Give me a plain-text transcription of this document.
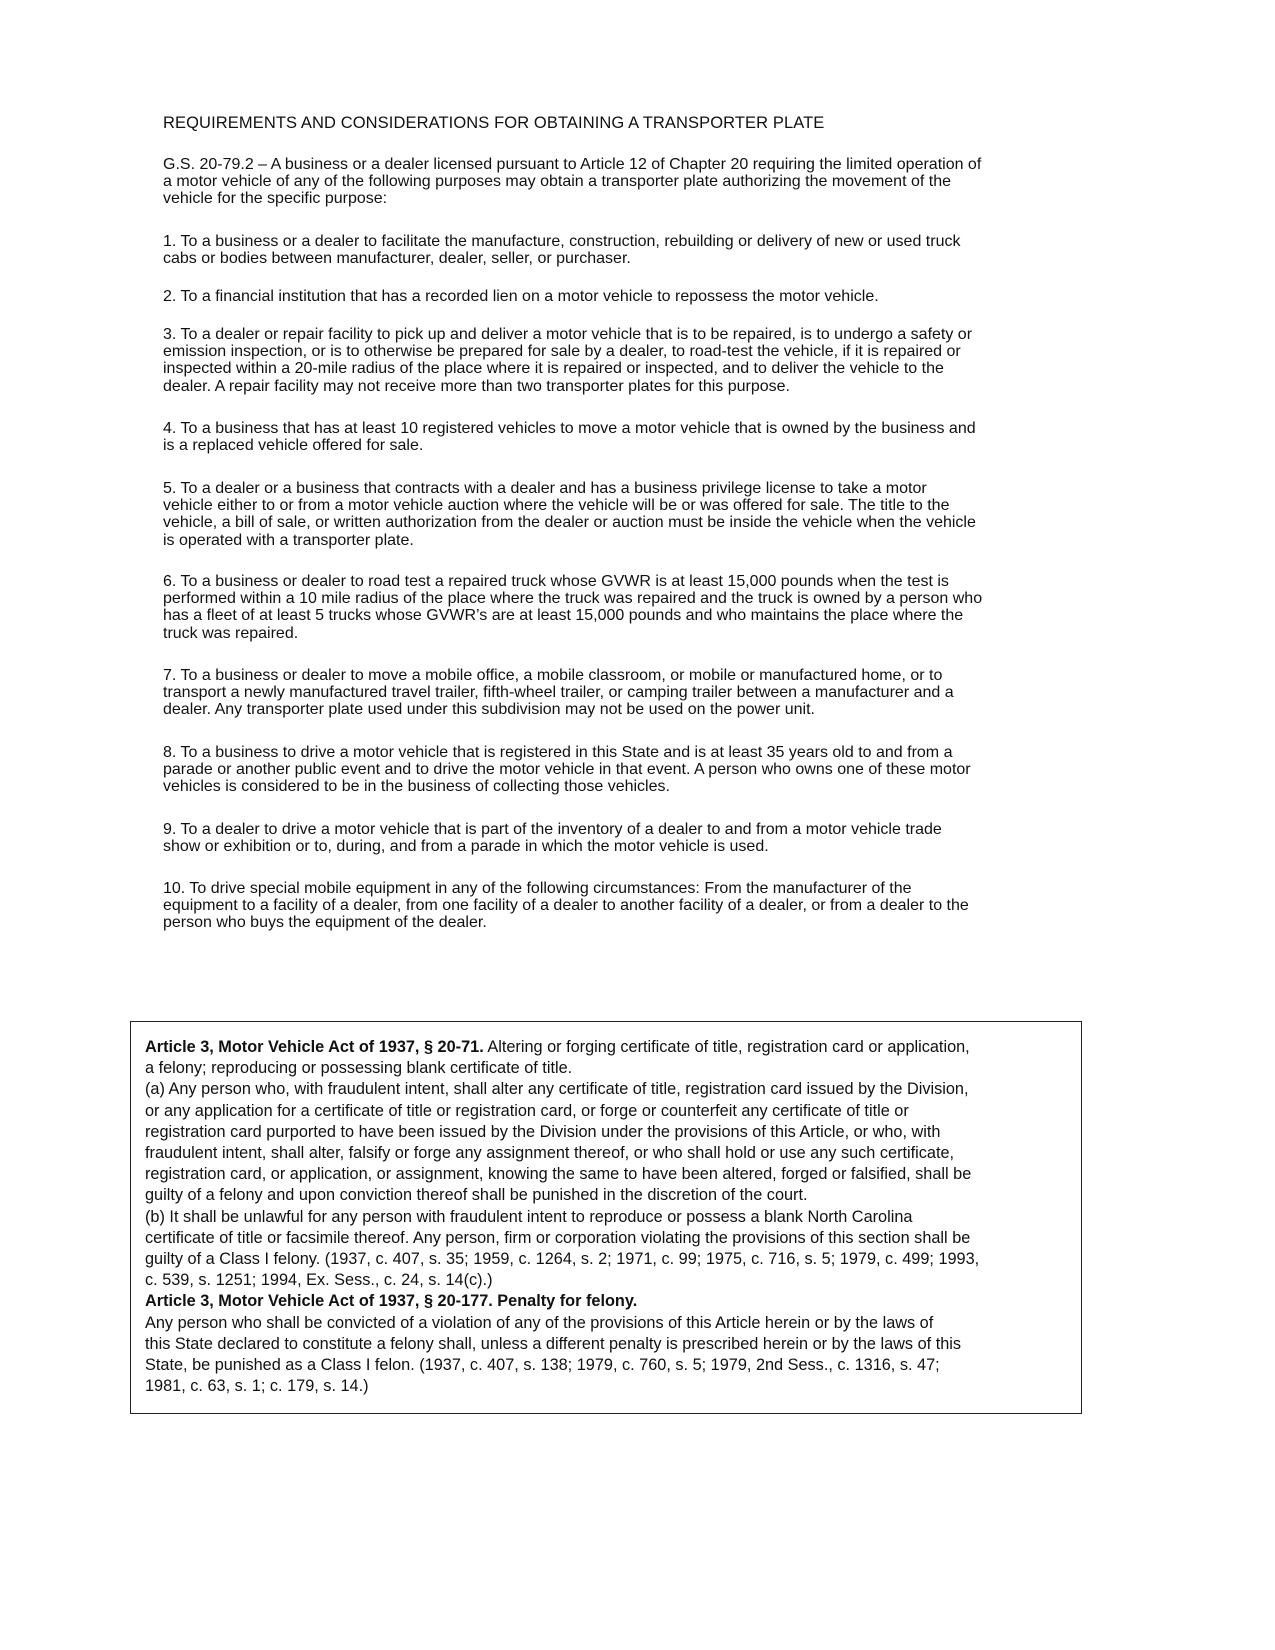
REQUIREMENTS AND CONSIDERATIONS FOR OBTAINING A TRANSPORTER PLATE
G.S. 20-79.2 – A business or a dealer licensed pursuant to Article 12 of Chapter 20 requiring the limited operation of
a motor vehicle of any of the following purposes may obtain a transporter plate authorizing the movement of the
vehicle for the specific purpose:
1. To a business or a dealer to facilitate the manufacture, construction, rebuilding or delivery of new or used truck
cabs or bodies between manufacturer, dealer, seller, or purchaser.
2. To a financial institution that has a recorded lien on a motor vehicle to repossess the motor vehicle.
3. To a dealer or repair facility to pick up and deliver a motor vehicle that is to be repaired, is to undergo a safety or
emission inspection, or is to otherwise be prepared for sale by a dealer, to road-test the vehicle, if it is repaired or
inspected within a 20-mile radius of the place where it is repaired or inspected, and to deliver the vehicle to the
dealer. A repair facility may not receive more than two transporter plates for this purpose.
4. To a business that has at least 10 registered vehicles to move a motor vehicle that is owned by the business and
is a replaced vehicle offered for sale.
5. To a dealer or a business that contracts with a dealer and has a business privilege license to take a motor
vehicle either to or from a motor vehicle auction where the vehicle will be or was offered for sale. The title to the
vehicle, a bill of sale, or written authorization from the dealer or auction must be inside the vehicle when the vehicle
is operated with a transporter plate.
6. To a business or dealer to road test a repaired truck whose GVWR is at least 15,000 pounds when the test is
performed within a 10 mile radius of the place where the truck was repaired and the truck is owned by a person who
has a fleet of at least 5 trucks whose GVWR’s are at least 15,000 pounds and who maintains the place where the
truck was repaired.
7. To a business or dealer to move a mobile office, a mobile classroom, or mobile or manufactured home, or to
transport a newly manufactured travel trailer, fifth-wheel trailer, or camping trailer between a manufacturer and a
dealer. Any transporter plate used under this subdivision may not be used on the power unit.
8. To a business to drive a motor vehicle that is registered in this State and is at least 35 years old to and from a
parade or another public event and to drive the motor vehicle in that event. A person who owns one of these motor
vehicles is considered to be in the business of collecting those vehicles.
9. To a dealer to drive a motor vehicle that is part of the inventory of a dealer to and from a motor vehicle trade
show or exhibition or to, during, and from a parade in which the motor vehicle is used.
10. To drive special mobile equipment in any of the following circumstances: From the manufacturer of the
equipment to a facility of a dealer, from one facility of a dealer to another facility of a dealer, or from a dealer to the
person who buys the equipment of the dealer.
Article 3, Motor Vehicle Act of 1937, § 20-71. Altering or forging certificate of title, registration card or application,
a felony; reproducing or possessing blank certificate of title.
(a) Any person who, with fraudulent intent, shall alter any certificate of title, registration card issued by the Division,
or any application for a certificate of title or registration card, or forge or counterfeit any certificate of title or
registration card purported to have been issued by the Division under the provisions of this Article, or who, with
fraudulent intent, shall alter, falsify or forge any assignment thereof, or who shall hold or use any such certificate,
registration card, or application, or assignment, knowing the same to have been altered, forged or falsified, shall be
guilty of a felony and upon conviction thereof shall be punished in the discretion of the court.
(b) It shall be unlawful for any person with fraudulent intent to reproduce or possess a blank North Carolina
certificate of title or facsimile thereof. Any person, firm or corporation violating the provisions of this section shall be
guilty of a Class I felony. (1937, c. 407, s. 35; 1959, c. 1264, s. 2; 1971, c. 99; 1975, c. 716, s. 5; 1979, c. 499; 1993,
c. 539, s. 1251; 1994, Ex. Sess., c. 24, s. 14(c).)
Article 3, Motor Vehicle Act of 1937, § 20-177. Penalty for felony.
Any person who shall be convicted of a violation of any of the provisions of this Article herein or by the laws of
this State declared to constitute a felony shall, unless a different penalty is prescribed herein or by the laws of this
State, be punished as a Class I felon. (1937, c. 407, s. 138; 1979, c. 760, s. 5; 1979, 2nd Sess., c. 1316, s. 47;
1981, c. 63, s. 1; c. 179, s. 14.)
